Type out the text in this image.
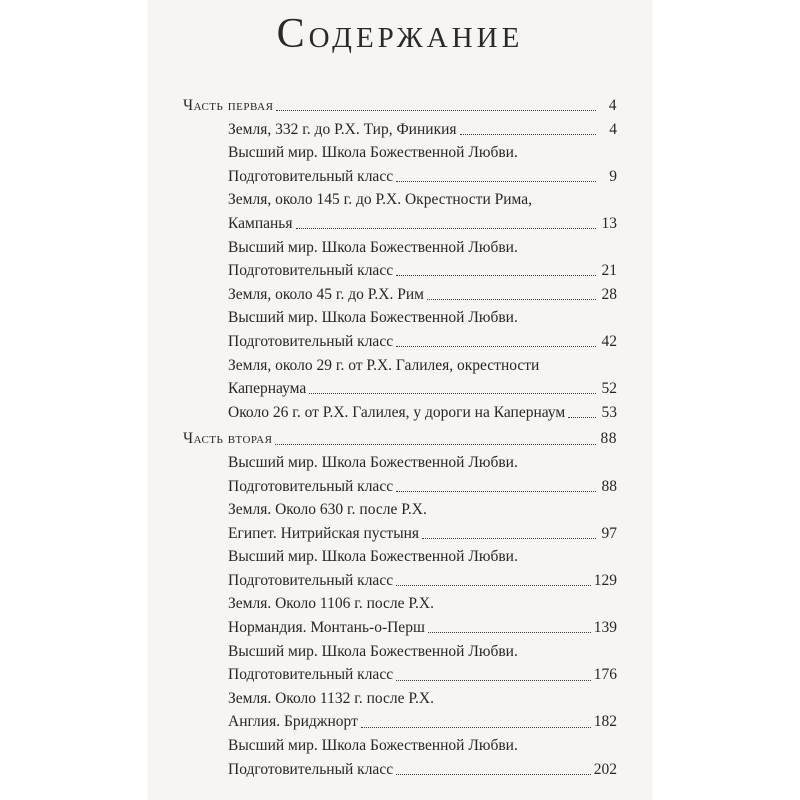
Содержание
Часть первая	4
Земля, 332 г. до Р.Х. Тир, Финикия	4
Высший мир. Школа Божественной Любви.
Подготовительный класс	9
Земля, около 145 г. до Р.Х. Окрестности Рима,
Кампанья	13
Высший мир. Школа Божественной Любви.
Подготовительный класс	21
Земля, около 45 г. до Р.Х. Рим	28
Высший мир. Школа Божественной Любви.
Подготовительный класс	42
Земля, около 29 г. от Р.Х. Галилея, окрестности
Капернаума	52
Около 26 г. от Р.Х. Галилея, у дороги на Капернаум 53
Часть вторая	88
Высший мир. Школа Божественной Любви.
Подготовительный класс	88
Земля. Около 630 г. после Р.Х.
Египет. Нитрийская пустыня	97
Высший мир. Школа Божественной Любви.
Подготовительный класс	129
Земля. Около 1106 г. после Р.Х.
Нормандия. Монтань-о-Перш	139
Высший мир. Школа Божественной Любви.
Подготовительный класс	176
Земля. Около 1132 г. после Р.Х.
Англия. Бриджнорт	182
Высший мир. Школа Божественной Любви.
Подготовительный класс	202
